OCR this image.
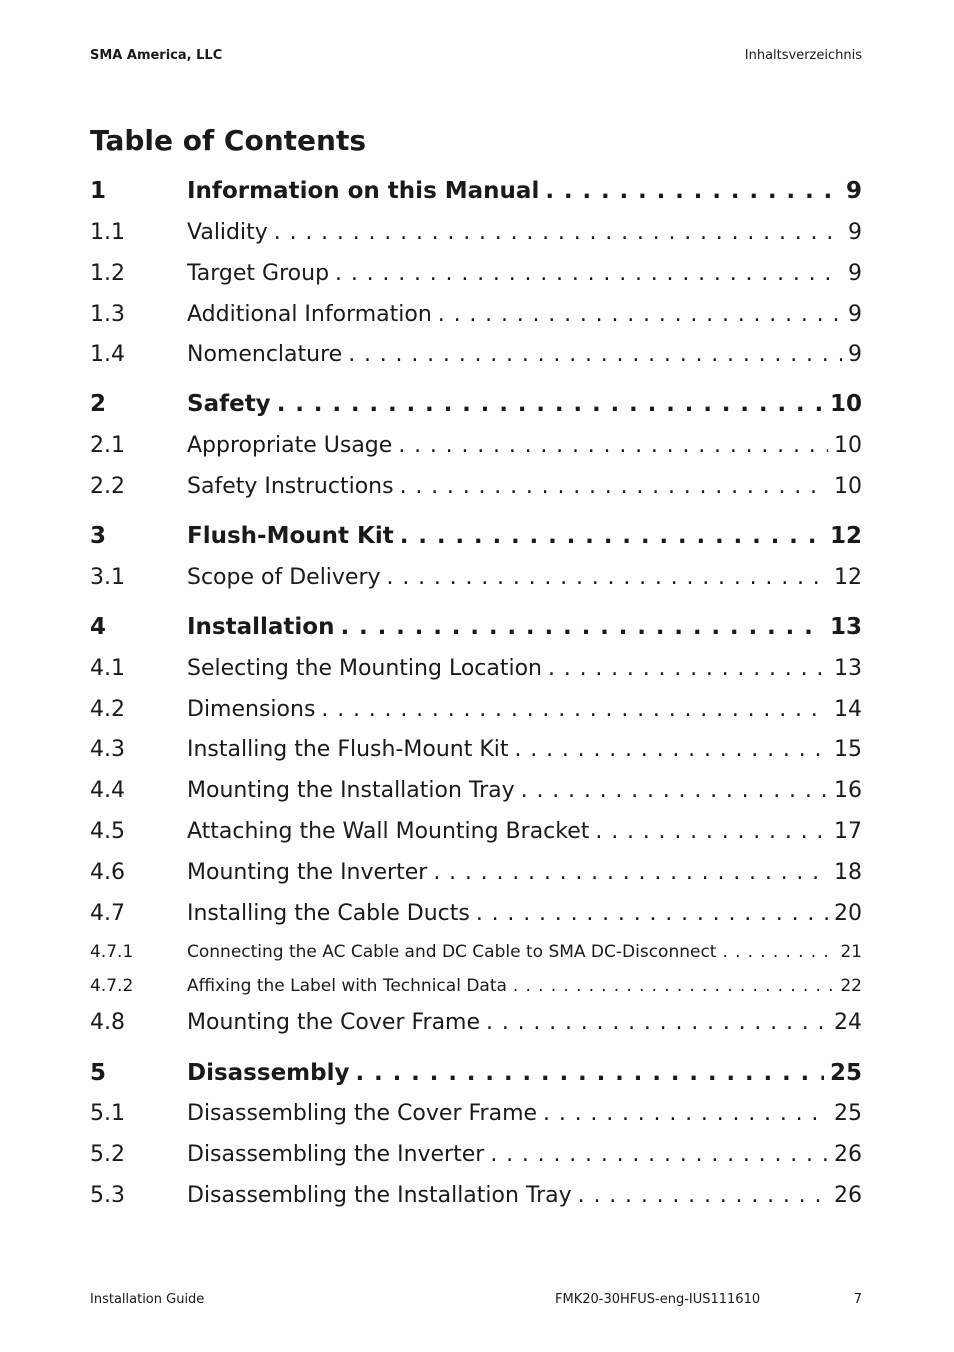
SMA America, LLC	Inhaltsverzeichnis
Table of Contents
1	Information on this Manual . . .	9
1.1	Validity . . .	9
1.2	Target Group . . .	9
1.3	Additional Information . . .	9
1.4	Nomenclature . . .	9
2	Safety . . .	10
2.1	Appropriate Usage . . .	10
2.2	Safety Instructions . . .	10
3	Flush-Mount Kit . . .	12
3.1	Scope of Delivery . . .	12
4	Installation . . .	13
4.1	Selecting the Mounting Location . . .	13
4.2	Dimensions . . .	14
4.3	Installing the Flush-Mount Kit . . .	15
4.4	Mounting the Installation Tray . . .	16
4.5	Attaching the Wall Mounting Bracket . . .	17
4.6	Mounting the Inverter . . .	18
4.7	Installing the Cable Ducts . . .	20
4.7.1	Connecting the AC Cable and DC Cable to SMA DC-Disconnect . . .	21
4.7.2	Affixing the Label with Technical Data . . .	22
4.8	Mounting the Cover Frame . . .	24
5	Disassembly . . .	25
5.1	Disassembling the Cover Frame . . .	25
5.2	Disassembling the Inverter . . .	26
5.3	Disassembling the Installation Tray . . .	26
Installation Guide	FMK20-30HFUS-eng-IUS111610	7
